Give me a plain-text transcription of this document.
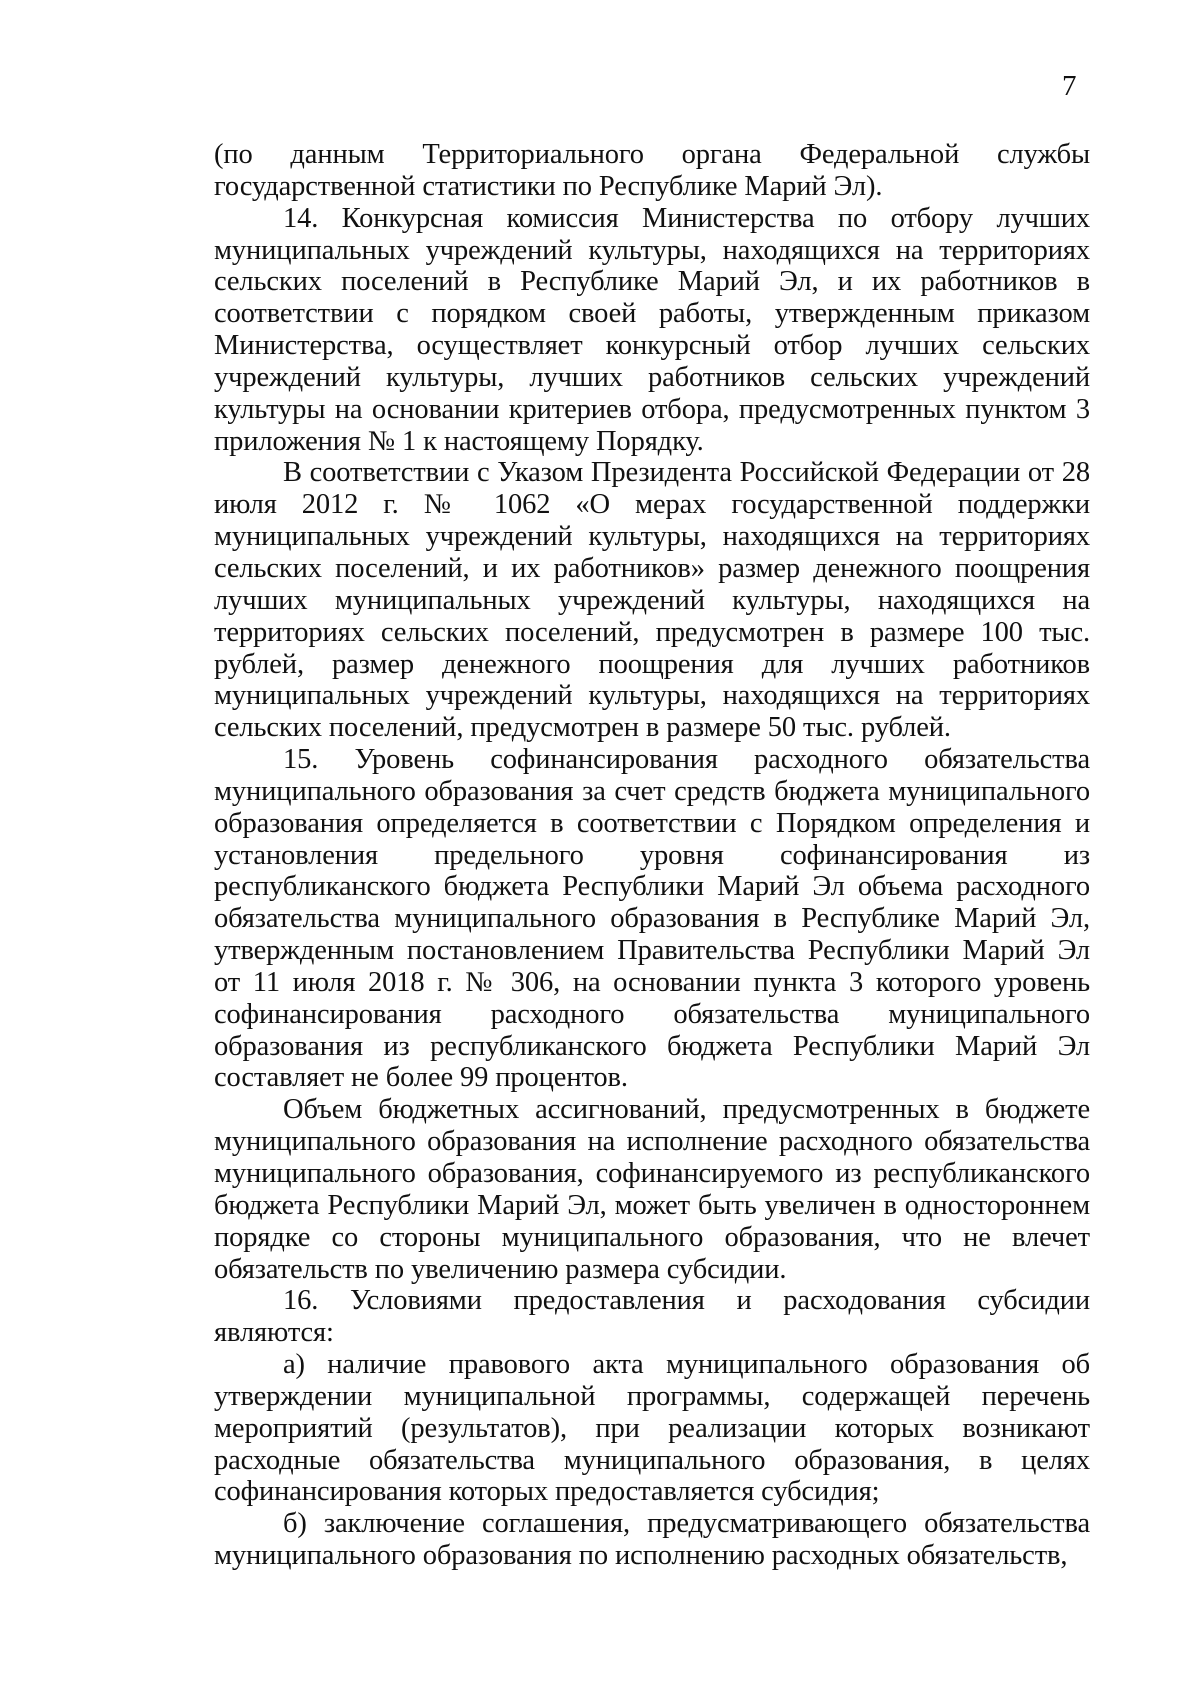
7

(по данным Территориального органа Федеральной службы государственной статистики по Республике Марий Эл).

14. Конкурсная комиссия Министерства по отбору лучших муниципальных учреждений культуры, находящихся на территориях сельских поселений в Республике Марий Эл, и их работников в соответствии с порядком своей работы, утвержденным приказом Министерства, осуществляет конкурсный отбор лучших сельских учреждений культуры, лучших работников сельских учреждений культуры на основании критериев отбора, предусмотренных пунктом 3 приложения № 1 к настоящему Порядку.

В соответствии с Указом Президента Российской Федерации от 28 июля 2012 г. № 1062 «О мерах государственной поддержки муниципальных учреждений культуры, находящихся на территориях сельских поселений, и их работников» размер денежного поощрения лучших муниципальных учреждений культуры, находящихся на территориях сельских поселений, предусмотрен в размере 100 тыс. рублей, размер денежного поощрения для лучших работников муниципальных учреждений культуры, находящихся на территориях сельских поселений, предусмотрен в размере 50 тыс. рублей.

15. Уровень софинансирования расходного обязательства муниципального образования за счет средств бюджета муниципального образования определяется в соответствии с Порядком определения и установления предельного уровня софинансирования из республиканского бюджета Республики Марий Эл объема расходного обязательства муниципального образования в Республике Марий Эл, утвержденным постановлением Правительства Республики Марий Эл от 11 июля 2018 г. № 306, на основании пункта 3 которого уровень софинансирования расходного обязательства муниципального образования из республиканского бюджета Республики Марий Эл составляет не более 99 процентов.

Объем бюджетных ассигнований, предусмотренных в бюджете муниципального образования на исполнение расходного обязательства муниципального образования, софинансируемого из республиканского бюджета Республики Марий Эл, может быть увеличен в одностороннем порядке со стороны муниципального образования, что не влечет обязательств по увеличению размера субсидии.

16. Условиями предоставления и расходования субсидии являются:

а) наличие правового акта муниципального образования об утверждении муниципальной программы, содержащей перечень мероприятий (результатов), при реализации которых возникают расходные обязательства муниципального образования, в целях софинансирования которых предоставляется субсидия;

б) заключение соглашения, предусматривающего обязательства муниципального образования по исполнению расходных обязательств,
